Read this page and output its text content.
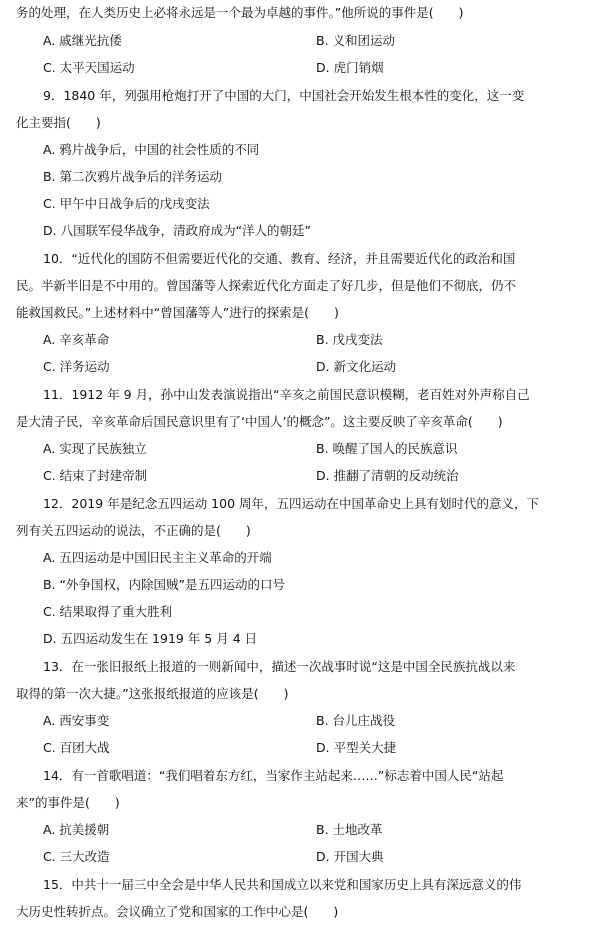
务的处理，在人类历史上必将永远是一个最为卓越的事件。”他所说的事件是(　　)
A. 戚继光抗倭	B. 义和团运动
C. 太平天国运动	D. 虎门销烟
9．1840 年，列强用枪炮打开了中国的大门，中国社会开始发生根本性的变化，这一变
化主要指(　　)
A. 鸦片战争后，中国的社会性质的不同
B. 第二次鸦片战争后的洋务运动
C. 甲午中日战争后的戊戌变法
D. 八国联军侵华战争，清政府成为“洋人的朝廷”
10．“近代化的国防不但需要近代化的交通、教育、经济，并且需要近代化的政治和国
民。半新半旧是不中用的。曾国藩等人探索近代化方面走了好几步，但是他们不彻底，仍不
能救国救民。”上述材料中“曾国藩等人”进行的探索是(　　)
A. 辛亥革命	B. 戊戌变法
C. 洋务运动	D. 新文化运动
11．1912 年 9 月，孙中山发表演说指出“辛亥之前国民意识模糊，老百姓对外声称自己
是大清子民，辛亥革命后国民意识里有了‘中国人’的概念”。这主要反映了辛亥革命(　　)
A. 实现了民族独立	B. 唤醒了国人的民族意识
C. 结束了封建帝制	D. 推翻了清朝的反动统治
12．2019 年是纪念五四运动 100 周年，五四运动在中国革命史上具有划时代的意义，下
列有关五四运动的说法，不正确的是(　　)
A. 五四运动是中国旧民主主义革命的开端
B. “外争国权，内除国贼”是五四运动的口号
C. 结果取得了重大胜利
D. 五四运动发生在 1919 年 5 月 4 日
13．在一张旧报纸上报道的一则新闻中，描述一次战事时说“这是中国全民族抗战以来
取得的第一次大捷。”这张报纸报道的应该是(　　)
A. 西安事变	B. 台儿庄战役
C. 百团大战	D. 平型关大捷
14．有一首歌唱道：“我们唱着东方红，当家作主站起来……”标志着中国人民“站起
来”的事件是(　　)
A. 抗美援朝	B. 土地改革
C. 三大改造	D. 开国大典
15．中共十一届三中全会是中华人民共和国成立以来党和国家历史上具有深远意义的伟
大历史性转折点。会议确立了党和国家的工作中心是(　　)
